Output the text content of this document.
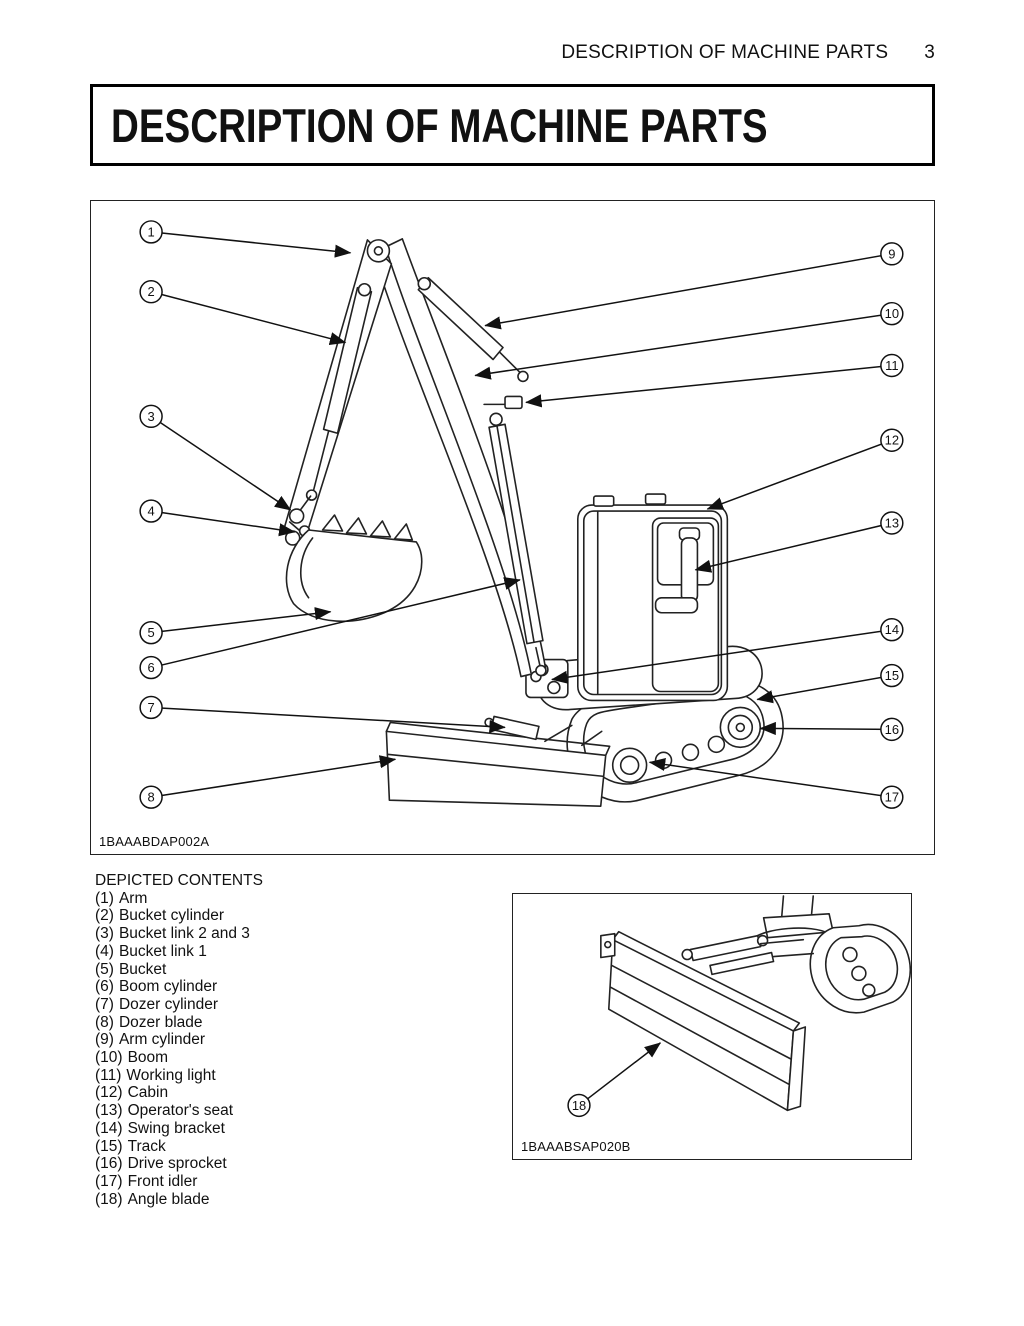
DESCRIPTION OF MACHINE PARTS 3
DESCRIPTION OF MACHINE PARTS
1
2
3
4
5
6
7
8
9
10
11
12
13
14
15
16
17
1BAAABDAP002A
DEPICTED CONTENTS
(1) Arm
(2) Bucket cylinder
(3) Bucket link 2 and 3
(4) Bucket link 1
(5) Bucket
(6) Boom cylinder
(7) Dozer cylinder
(8) Dozer blade
(9) Arm cylinder
(10) Boom
(11) Working light
(12) Cabin
(13) Operator's seat
(14) Swing bracket
(15) Track
(16) Drive sprocket
(17) Front idler
(18) Angle blade
18
1BAAABSAP020B
